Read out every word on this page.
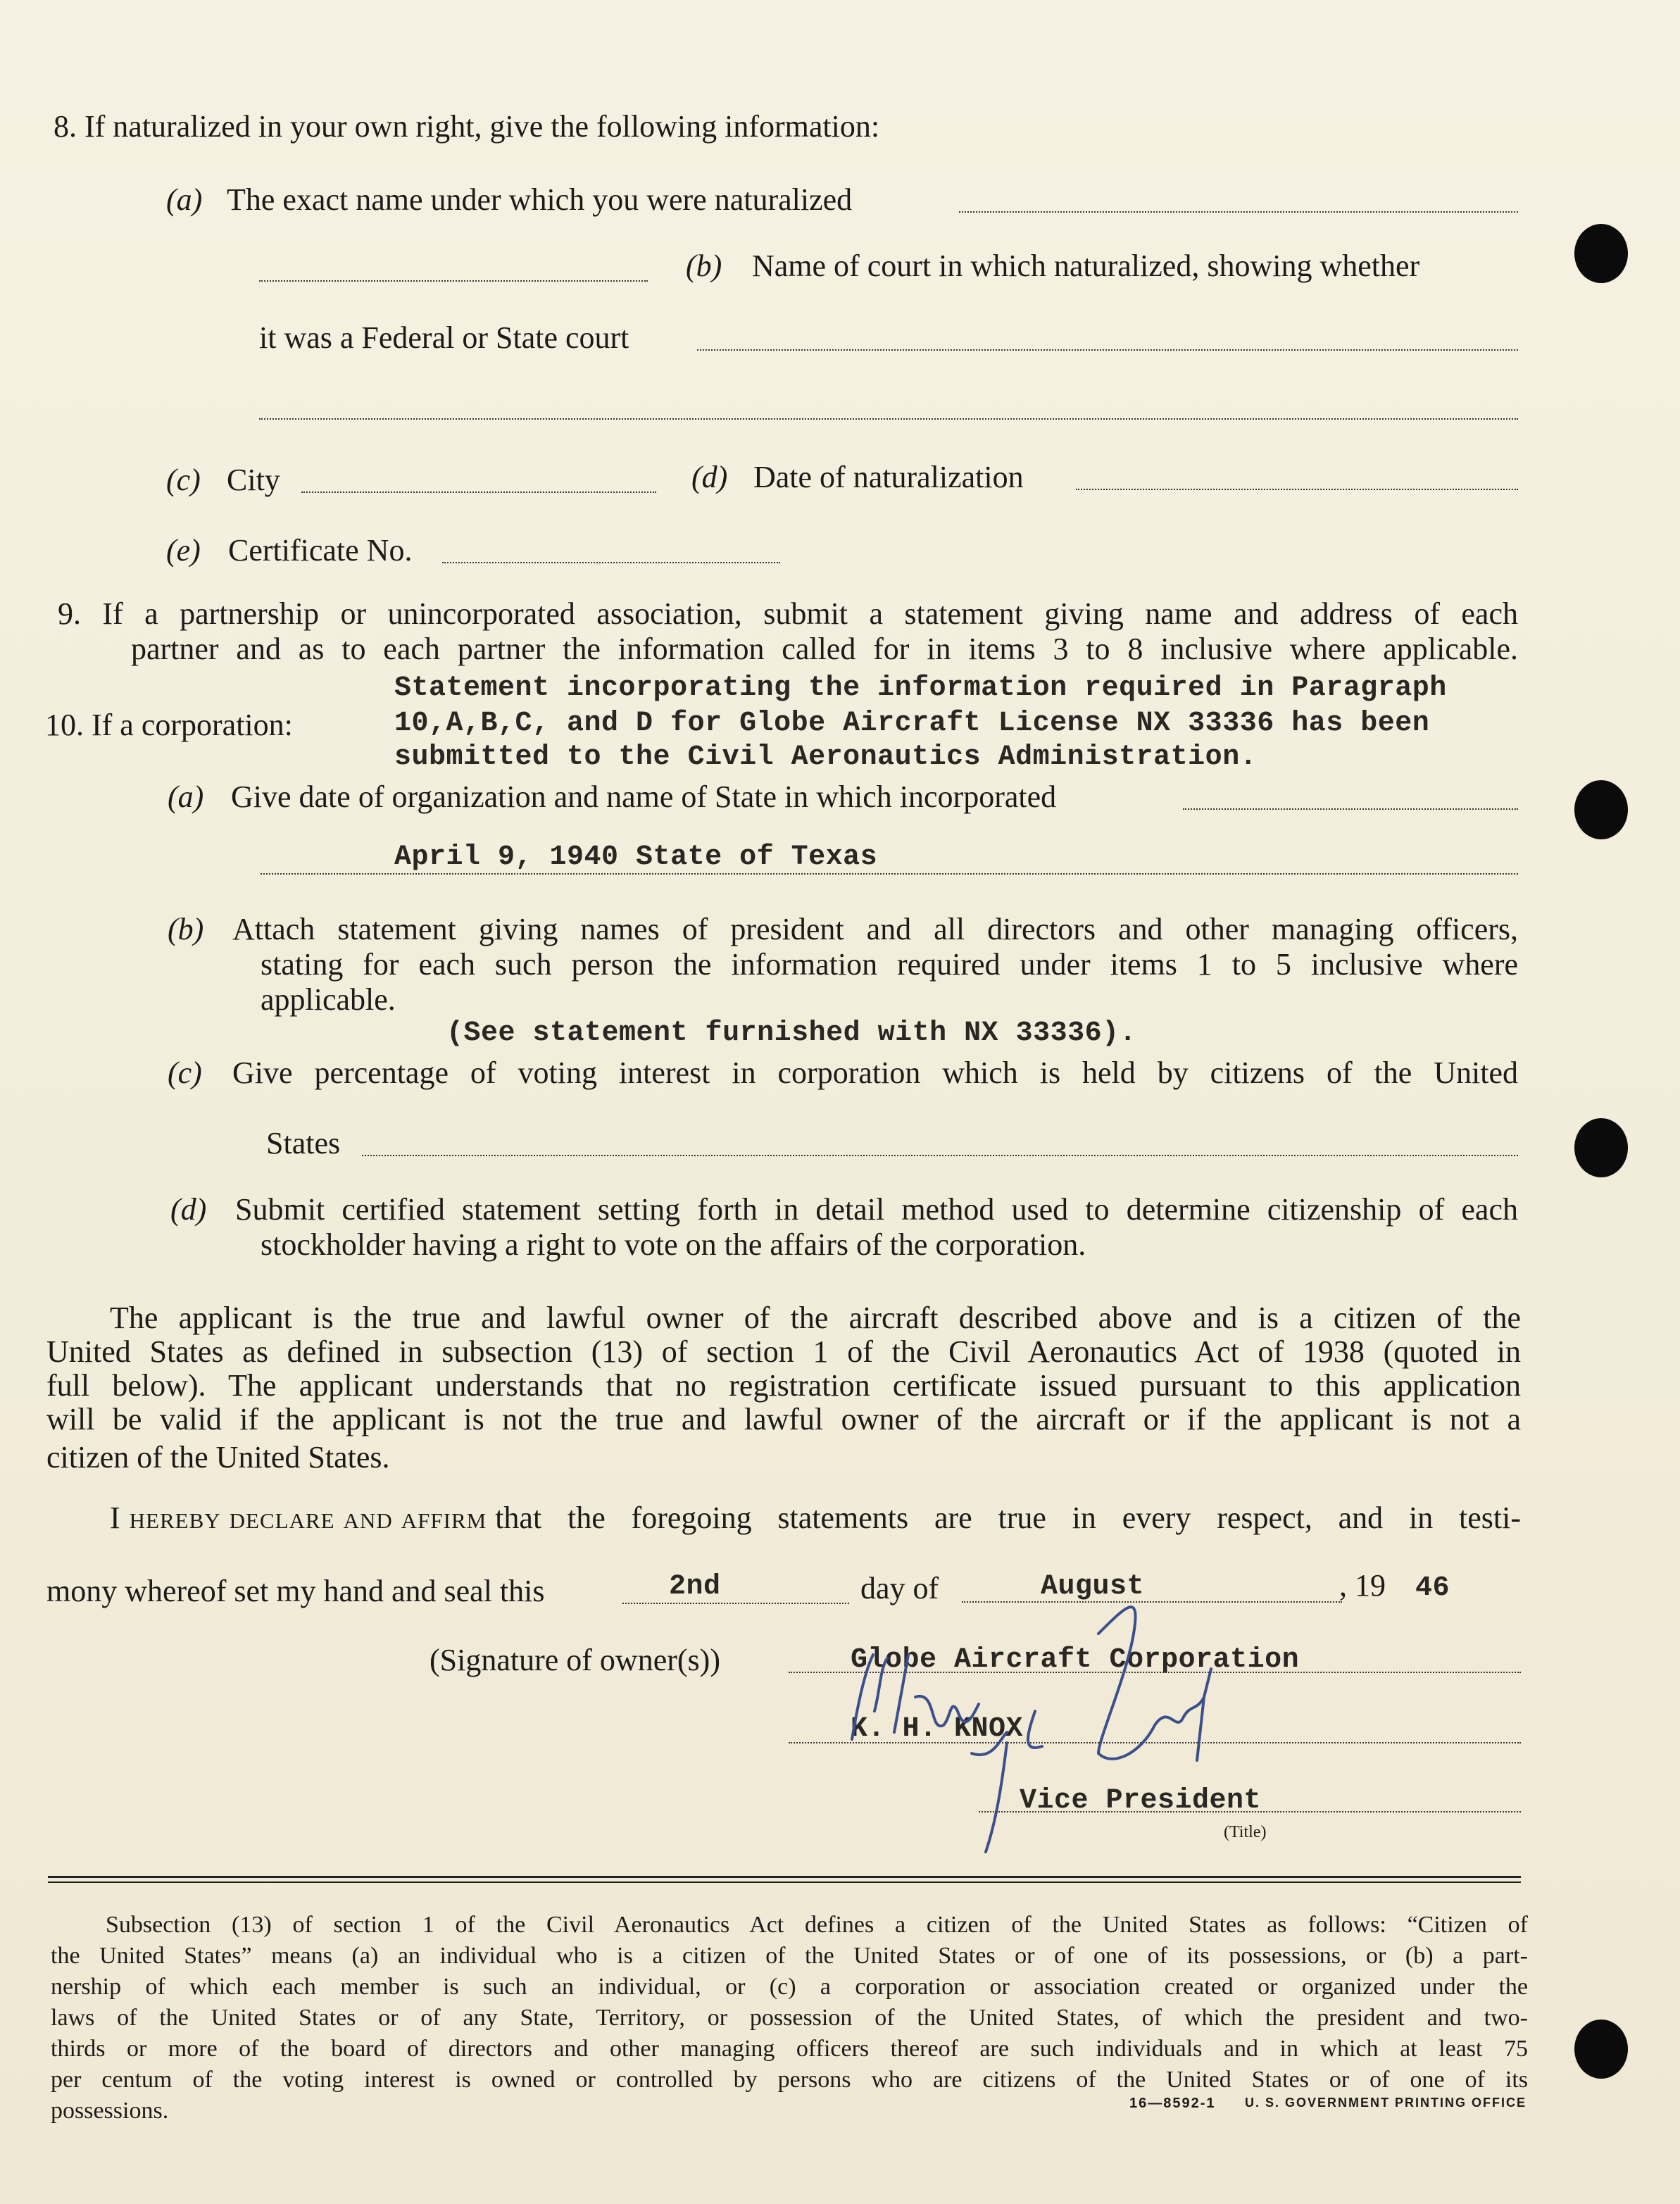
8. If naturalized in your own right, give the following information:
(a) The exact name under which you were naturalized
(b) Name of court in which naturalized, showing whether
it was a Federal or State court
(c) City	(d) Date of naturalization
(e) Certificate No.
9. If a partnership or unincorporated association, submit a statement giving name and address of each
partner and as to each partner the information called for in items 3 to 8 inclusive where applicable.
10. If a corporation:
Statement incorporating the information required in Paragraph
10,A,B,C, and D for Globe Aircraft License NX 33336 has been
submitted to the Civil Aeronautics Administration.
(a) Give date of organization and name of State in which incorporated
April 9, 1940 State of Texas
(b) Attach statement giving names of president and all directors and other managing officers,
stating for each such person the information required under items 1 to 5 inclusive where
applicable.
(See statement furnished with NX 33336).
(c) Give percentage of voting interest in corporation which is held by citizens of the United
States
(d) Submit certified statement setting forth in detail method used to determine citizenship of each
stockholder having a right to vote on the affairs of the corporation.
The applicant is the true and lawful owner of the aircraft described above and is a citizen of the
United States as defined in subsection (13) of section 1 of the Civil Aeronautics Act of 1938 (quoted in
full below). The applicant understands that no registration certificate issued pursuant to this application
will be valid if the applicant is not the true and lawful owner of the aircraft or if the applicant is not a
citizen of the United States.
I hereby declare and affirm that the foregoing statements are true in every respect, and in testi-
mony whereof set my hand and seal this	2nd	day of	August	, 19 46
(Signature of owner(s))	Globe Aircraft Corporation
K. H. KNOX
Vice President
(Title)
Subsection (13) of section 1 of the Civil Aeronautics Act defines a citizen of the United States as follows: “Citizen of
the United States” means (a) an individual who is a citizen of the United States or of one of its possessions, or (b) a part-
nership of which each member is such an individual, or (c) a corporation or association created or organized under the
laws of the United States or of any State, Territory, or possession of the United States, of which the president and two-
thirds or more of the board of directors and other managing officers thereof are such individuals and in which at least 75
per centum of the voting interest is owned or controlled by persons who are citizens of the United States or of one of its
possessions.	16—8592-1 U. S. GOVERNMENT PRINTING OFFICE
